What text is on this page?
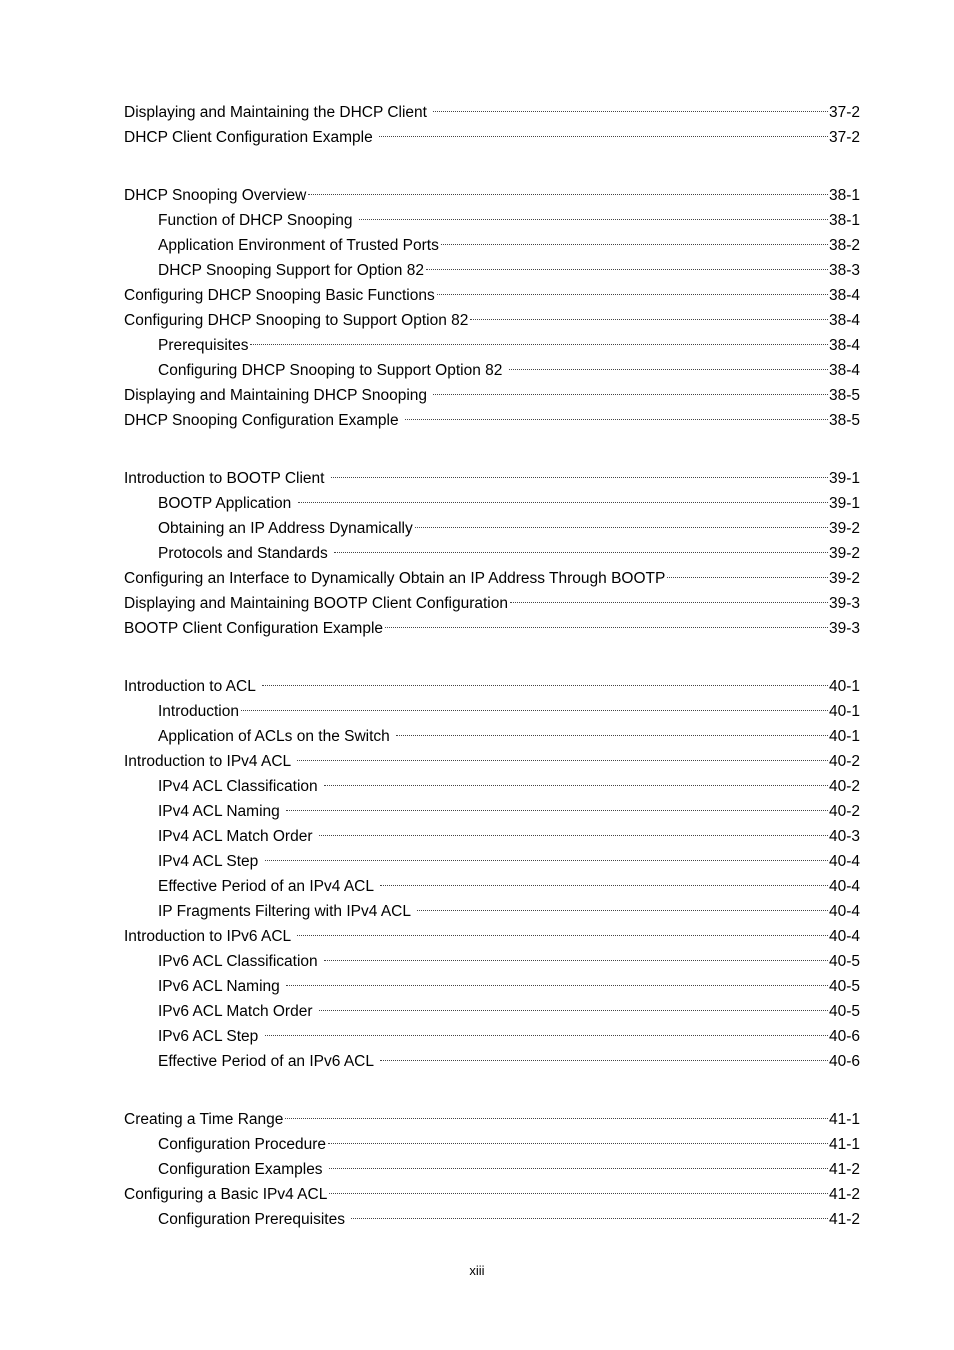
Displaying and Maintaining the DHCP Client	37-2
DHCP Client Configuration Example	37-2
DHCP Snooping Overview	38-1
Function of DHCP Snooping	38-1
Application Environment of Trusted Ports	38-2
DHCP Snooping Support for Option 82	38-3
Configuring DHCP Snooping Basic Functions	38-4
Configuring DHCP Snooping to Support Option 82	38-4
Prerequisites	38-4
Configuring DHCP Snooping to Support Option 82	38-4
Displaying and Maintaining DHCP Snooping	38-5
DHCP Snooping Configuration Example	38-5
Introduction to BOOTP Client	39-1
BOOTP Application	39-1
Obtaining an IP Address Dynamically	39-2
Protocols and Standards	39-2
Configuring an Interface to Dynamically Obtain an IP Address Through BOOTP	39-2
Displaying and Maintaining BOOTP Client Configuration	39-3
BOOTP Client Configuration Example	39-3
Introduction to ACL	40-1
Introduction	40-1
Application of ACLs on the Switch	40-1
Introduction to IPv4 ACL	40-2
IPv4 ACL Classification	40-2
IPv4 ACL Naming	40-2
IPv4 ACL Match Order	40-3
IPv4 ACL Step	40-4
Effective Period of an IPv4 ACL	40-4
IP Fragments Filtering with IPv4 ACL	40-4
Introduction to IPv6 ACL	40-4
IPv6 ACL Classification	40-5
IPv6 ACL Naming	40-5
IPv6 ACL Match Order	40-5
IPv6 ACL Step	40-6
Effective Period of an IPv6 ACL	40-6
Creating a Time Range	41-1
Configuration Procedure	41-1
Configuration Examples	41-2
Configuring a Basic IPv4 ACL	41-2
Configuration Prerequisites	41-2
xiii
